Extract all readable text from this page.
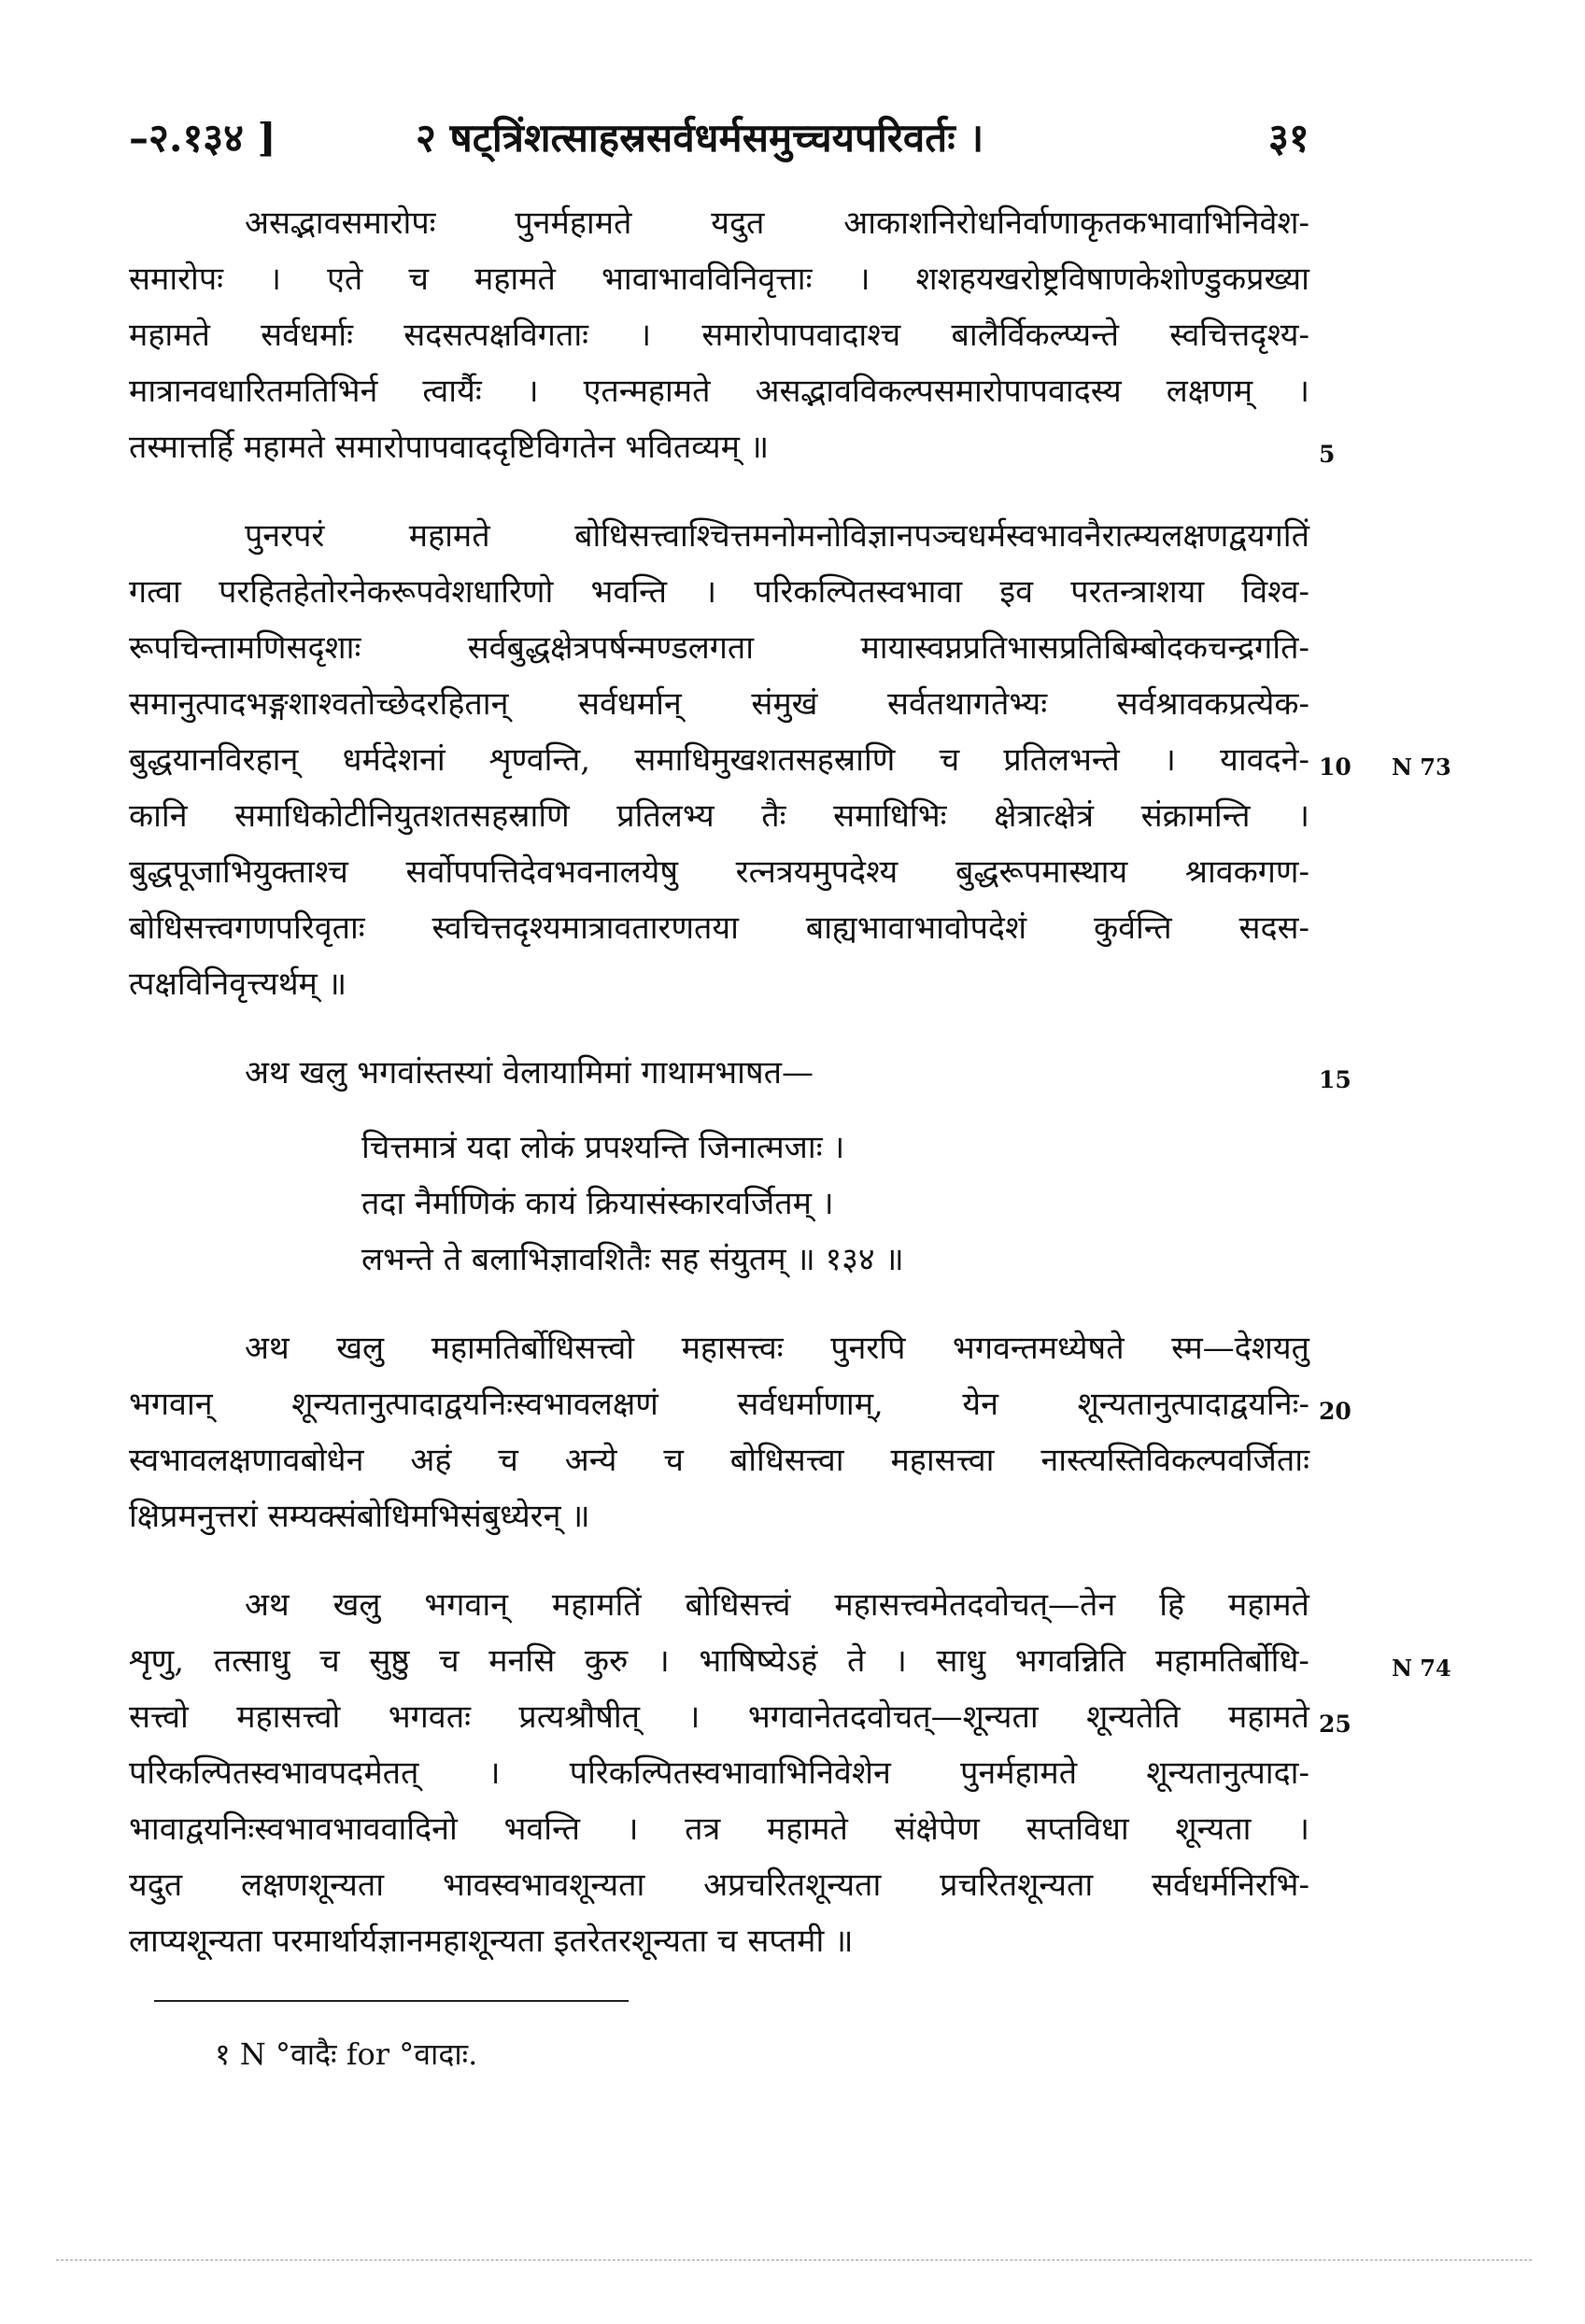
–२.१३४ ]	२ षट्त्रिंशत्साहस्रसर्वधर्मसमुच्चयपरिवर्तः ।	३१
असद्भावसमारोपः पुनर्महामते यदुत आकाशनिरोधनिर्वाणाकृतकभावाभिनिवेश-
समारोपः । एते च महामते भावाभावविनिवृत्ताः । शशहयखरोष्ट्रविषाणकेशोण्डुकप्रख्या
महामते सर्वधर्माः सदसत्पक्षविगताः । समारोपापवादाश्च बालैर्विकल्प्यन्ते स्वचित्तदृश्य-
मात्रानवधारितमतिभिर्न त्वार्यैः । एतन्महामते असद्भावविकल्पसमारोपापवादस्य लक्षणम् ।
तस्मात्तर्हि महामते समारोपापवाददृष्टिविगतेन भवितव्यम् ॥	5
पुनरपरं	महामते	बोधिसत्त्वाश्चित्तमनोमनोविज्ञानपञ्चधर्मस्वभावनैरात्म्यलक्षणद्वयगतिं
गत्वा परहितहेतोरनेकरूपवेशधारिणो भवन्ति । परिकल्पितस्वभावा इव परतन्त्राशया विश्व-
रूपचिन्तामणिसदृशाः	सर्वबुद्धक्षेत्रपर्षन्मण्डलगता	मायास्वप्नप्रतिभासप्रतिबिम्बोदकचन्द्रगति-
समानुत्पादभङ्गशाश्वतोच्छेदरहितान् सर्वधर्मान् संमुखं सर्वतथागतेभ्यः सर्वश्रावकप्रत्येक-
बुद्धयानविरहान् धर्मदेशनां शृण्वन्ति, समाधिमुखशतसहस्राणि च प्रतिलभन्ते । यावदने- 10 N 73
कानि समाधिकोटीनियुतशतसहस्राणि प्रतिलभ्य तैः समाधिभिः क्षेत्रात्क्षेत्रं संक्रामन्ति ।
बुद्धपूजाभियुक्ताश्च सर्वोपपत्तिदेवभवनालयेषु रत्नत्रयमुपदेश्य बुद्धरूपमास्थाय श्रावकगण-
बोधिसत्त्वगणपरिवृताः स्वचित्तदृश्यमात्रावतारणतया बाह्यभावाभावोपदेशं कुर्वन्ति सदस-
त्पक्षविनिवृत्त्यर्थम् ॥
अथ खलु भगवांस्तस्यां वेलायामिमां गाथामभाषत—	15
चित्तमात्रं यदा लोकं प्रपश्यन्ति जिनात्मजाः ।
तदा नैर्माणिकं कायं क्रियासंस्कारवर्जितम् ।
लभन्ते ते बलाभिज्ञावशितैः सह संयुतम् ॥ १३४ ॥
अथ खलु महामतिर्बोधिसत्त्वो महासत्त्वः पुनरपि भगवन्तमध्येषते स्म—देशयतु
भगवान् शून्यतानुत्पादाद्वयनिःस्वभावलक्षणं सर्वधर्माणाम्, येन शून्यतानुत्पादाद्वयनिः- 20
स्वभावलक्षणावबोधेन अहं च अन्ये च बोधिसत्त्वा महासत्त्वा नास्त्यस्तिविकल्पवर्जिताः
क्षिप्रमनुत्तरां सम्यक्संबोधिमभिसंबुध्येरन् ॥
अथ खलु भगवान् महामतिं बोधिसत्त्वं महासत्त्वमेतदवोचत्—तेन हि महामते
शृणु, तत्साधु च सुष्ठु च मनसि कुरु । भाषिष्येऽहं ते । साधु भगवन्निति महामतिर्बोधि-	N 74
सत्त्वो महासत्त्वो भगवतः प्रत्यश्रौषीत् । भगवानेतदवोचत्—शून्यता शून्यतेति महामते 25
परिकल्पितस्वभावपदमेतत् । परिकल्पितस्वभावाभिनिवेशेन पुनर्महामते शून्यतानुत्पादा-
भावाद्वयनिःस्वभावभाववादिनो भवन्ति । तत्र महामते संक्षेपेण सप्तविधा शून्यता ।
यदुत लक्षणशून्यता भावस्वभावशून्यता अप्रचरितशून्यता प्रचरितशून्यता सर्वधर्मनिरभि-
लाप्यशून्यता परमार्थार्यज्ञानमहाशून्यता इतरेतरशून्यता च सप्तमी ॥
१ N °वादैः for °वादाः.
